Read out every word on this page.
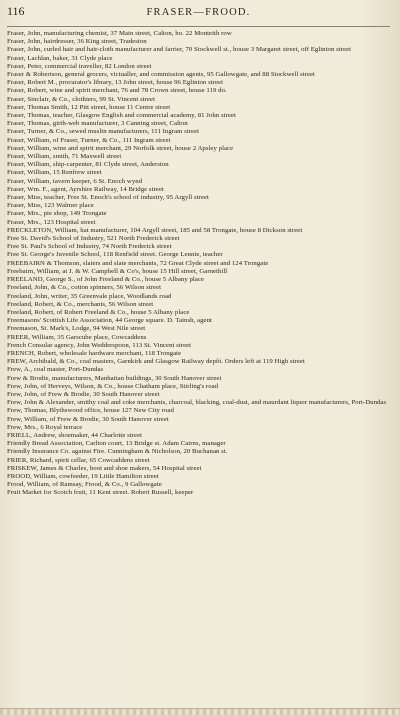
116	FRASER—FROOD.
Fraser, John, manufacturing chemist, 37 Main street, Calton, ho. 22 Monteith row
Fraser, John, hairdresser, 36 King street, Tradeston
Fraser, John, curled hair and hair-cloth manufacturer and farrier, 70 Stockwell st., house 3 Margaret street, off Eglinton street
Fraser, Lachlan, baker, 31 Clyde place
Fraser, Peter, commercial traveller, 82 London street
Fraser & Robertson, general grocers, victualler, and commission agents, 95 Gallowgate, and 88 Stockwell street
Fraser, Robert M., procurator's library, 13 John street, house 96 Eglinton street
Fraser, Robert, wine and spirit merchant, 76 and 78 Crown street, house 119 do.
Fraser, Sinclair, & Co., clothiers, 99 St. Vincent street
Fraser, Thomas Smith, 12 Pitt street, house 11 Centre street
Fraser, Thomas, teacher, Glasgow English and commercial academy, 81 John street
Fraser, Thomas, girth-web manufacturer, 3 Canning street, Calton
Fraser, Turner, & Co., sewed muslin manufacturers, 111 Ingram street
Fraser, William, of Fraser, Turner, & Co., 111 Ingram street
Fraser, William, wine and spirit merchant, 29 Norfolk street, house 2 Apsley place
Fraser, William, smith, 71 Maxwell street
Fraser, William, ship-carpenter, 81 Clyde street, Anderston
Fraser, William, 15 Renfrew street
Fraser, William, tavern keeper, 6 St. Enoch wynd
Fraser, Wm. F., agent, Ayrshire Railway, 14 Bridge street
Fraser, Miss, teacher, Free St. Enoch's school of industry, 95 Argyll street
Fraser, Miss, 123 Walmer place
Fraser, Mrs., pie shop, 149 Trongate
Fraser, Mrs., 123 Hospital street
FRECKLETON, William, hat manufacturer, 104 Argyll street, 185 and 58 Trongate, house 8 Dickson street
Free St. David's School of Industry, 521 North Frederick street
Free St. Paul's School of Industry, 74 North Frederick street
Free St. George's Juvenile School, 118 Renfield street. George Lennie, teacher
FREEBAIRN & Thomson, slaters and slate merchants, 72 Great Clyde street and 124 Trongate
Freebairn, William, at J. & W. Campbell & Co's, house 15 Hill street, Garnethill
FREELAND, George S., of John Freeland & Co., house 5 Albany place
Freeland, John, & Co., cotton spinners, 56 Wilson street
Freeland, John, writer, 35 Greenvale place, Woodlands road
Freeland, Robert, & Co., merchants, 56 Wilson street
Freeland, Robert, of Robert Freeland & Co., house 5 Albany place
Freemasons' Scottish Life Association, 44 George square. D. Tainsh, agent
Freemason, St. Mark's, Lodge, 94 West Nile street
FREER, William, 35 Garscube place, Cowcaddens
French Consular agency, John Wedderspoon, 113 St. Vincent street
FRENCH, Robert, wholesale hardware merchant, 118 Trongate
FREW, Archibald, & Co., coal masters, Garnkirk and Glasgow Railway depôt. Orders left at 119 High street
Frew, A., coal master, Port-Dundas
Frew & Brodie, manufacturers, Manhattan buildings, 30 South Hanover street
Frew, John, of Herveys, Wilson, & Co., house Chatham place, Stirling's road
Frew, John, of Frew & Brodie, 30 South Hanover street
Frew, John & Alexander, smithy coal and coke merchants, charcoal, blacking, coal-dust, and maurdant liquor manufacturers, Port-Dundas
Frew, Thomas, Blythswood office, house 127 New City road
Frew, William, of Frew & Brodie, 30 South Hanover street
Frew, Mrs., 6 Royal terrace
FRIELL, Andrew, shoemaker, 44 Charlotte street
Friendly Bread Association, Carlton court, 13 Bridge st. Adam Cairns, manager
Friendly Insurance Co. against Fire. Cunningham & Nicholson, 20 Buchanan st.
FRIER, Richard, spirit cellar, 65 Cowcaddens street
FRISKEW, James & Charles, boot and shoe makers, 54 Hospital street
FROOD, William, cowfeeder, 19 Little Hamilton street
Frood, William, of Ramsay, Frood, & Co., 9 Gallowgate
Fruit Market for Scotch fruit, 11 Kent street. Robert Russell, keeper
